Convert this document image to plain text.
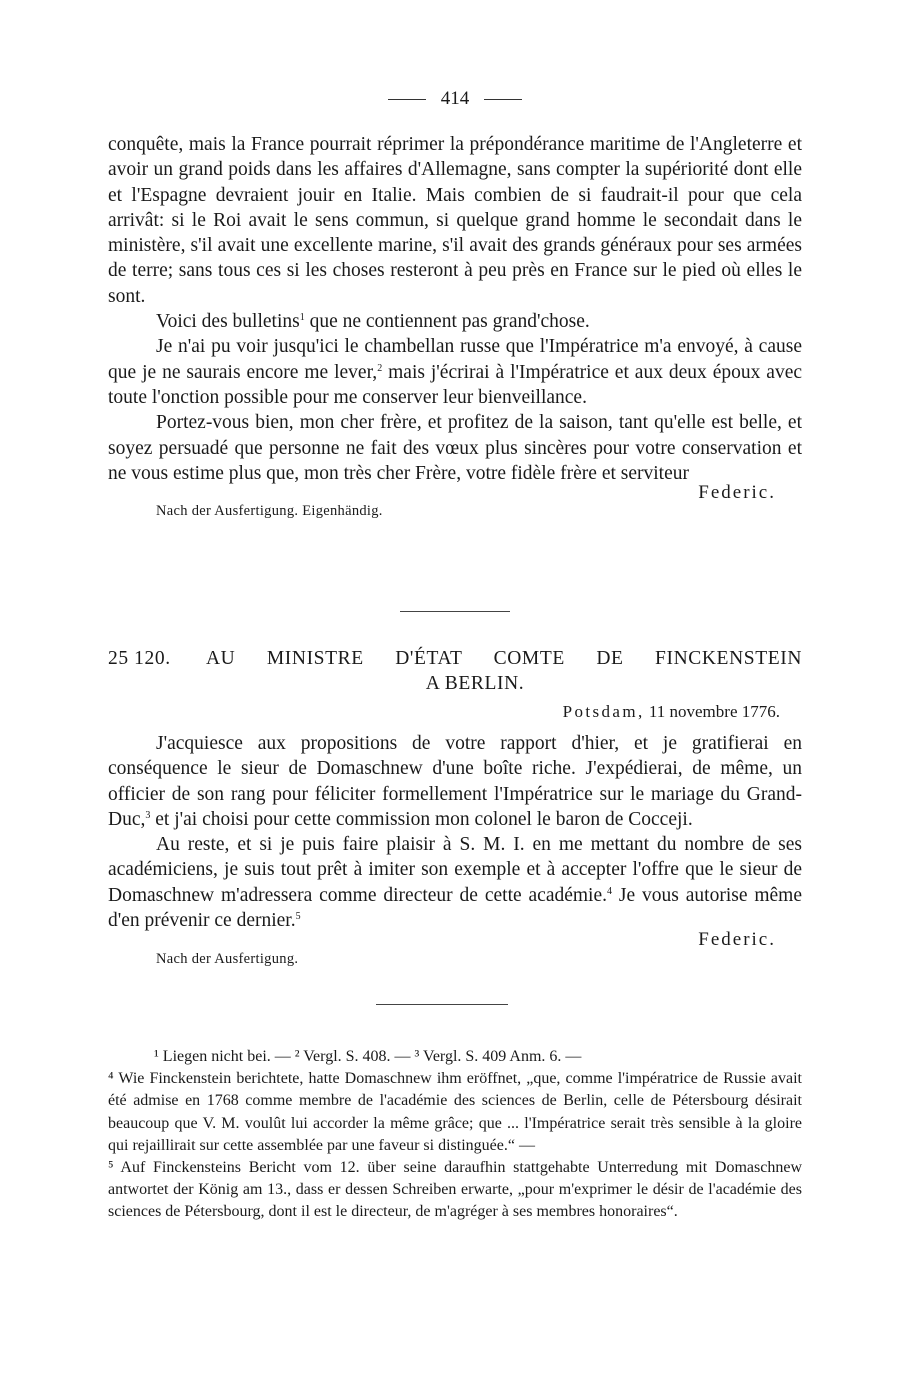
414

conquête, mais la France pourrait réprimer la prépondérance maritime de l'Angleterre et avoir un grand poids dans les affaires d'Allemagne, sans compter la supériorité dont elle et l'Espagne devraient jouir en Italie. Mais combien de si faudrait-il pour que cela arrivât: si le Roi avait le sens commun, si quelque grand homme le secondait dans le ministère, s'il avait une excellente marine, s'il avait des grands généraux pour ses armées de terre; sans tous ces si les choses resteront à peu près en France sur le pied où elles le sont.

Voici des bulletins$^1$ que ne contiennent pas grand'chose.

Je n'ai pu voir jusqu'ici le chambellan russe que l'Impératrice m'a envoyé, à cause que je ne saurais encore me lever,$^2$ mais j'écrirai à l'Impératrice et aux deux époux avec toute l'onction possible pour me conserver leur bienveillance.

Portez-vous bien, mon cher frère, et profitez de la saison, tant qu'elle est belle, et soyez persuadé que personne ne fait des vœux plus sincères pour votre conservation et ne vous estime plus que, mon très cher Frère, votre fidèle frère et serviteur

Federic.
Nach der Ausfertigung. Eigenhändig.
25 120. AU MINISTRE D'ÉTAT COMTE DE FINCKENSTEIN
A BERLIN.
Potsdam, 11 novembre 1776.

J'acquiesce aux propositions de votre rapport d'hier, et je gratifierai en conséquence le sieur de Domaschnew d'une boîte riche. J'expédierai, de même, un officier de son rang pour féliciter formellement l'Impératrice sur le mariage du Grand-Duc,$^3$ et j'ai choisi pour cette commission mon colonel le baron de Cocceji.

Au reste, et si je puis faire plaisir à S. M. I. en me mettant du nombre de ses académiciens, je suis tout prêt à imiter son exemple et à accepter l'offre que le sieur de Domaschnew m'adressera comme directeur de cette académie.$^4$ Je vous autorise même d'en prévenir ce dernier.$^5$

Federic.
Nach der Ausfertigung.

¹ Liegen nicht bei. — ² Vergl. S. 408. — ³ Vergl. S. 409 Anm. 6. —

⁴ Wie Finckenstein berichtete, hatte Domaschnew ihm eröffnet, „que, comme l'impératrice de Russie avait été admise en 1768 comme membre de l'académie des sciences de Berlin, celle de Pétersbourg désirait beaucoup que V. M. voulût lui accorder la même grâce; que ... l'Impératrice serait très sensible à la gloire qui rejaillirait sur cette assemblée par une faveur si distinguée.“ —

⁵ Auf Finckensteins Bericht vom 12. über seine daraufhin stattgehabte Unterredung mit Domaschnew antwortet der König am 13., dass er dessen Schreiben erwarte, „pour m'exprimer le désir de l'académie des sciences de Pétersbourg, dont il est le directeur, de m'agréger à ses membres honoraires“.
